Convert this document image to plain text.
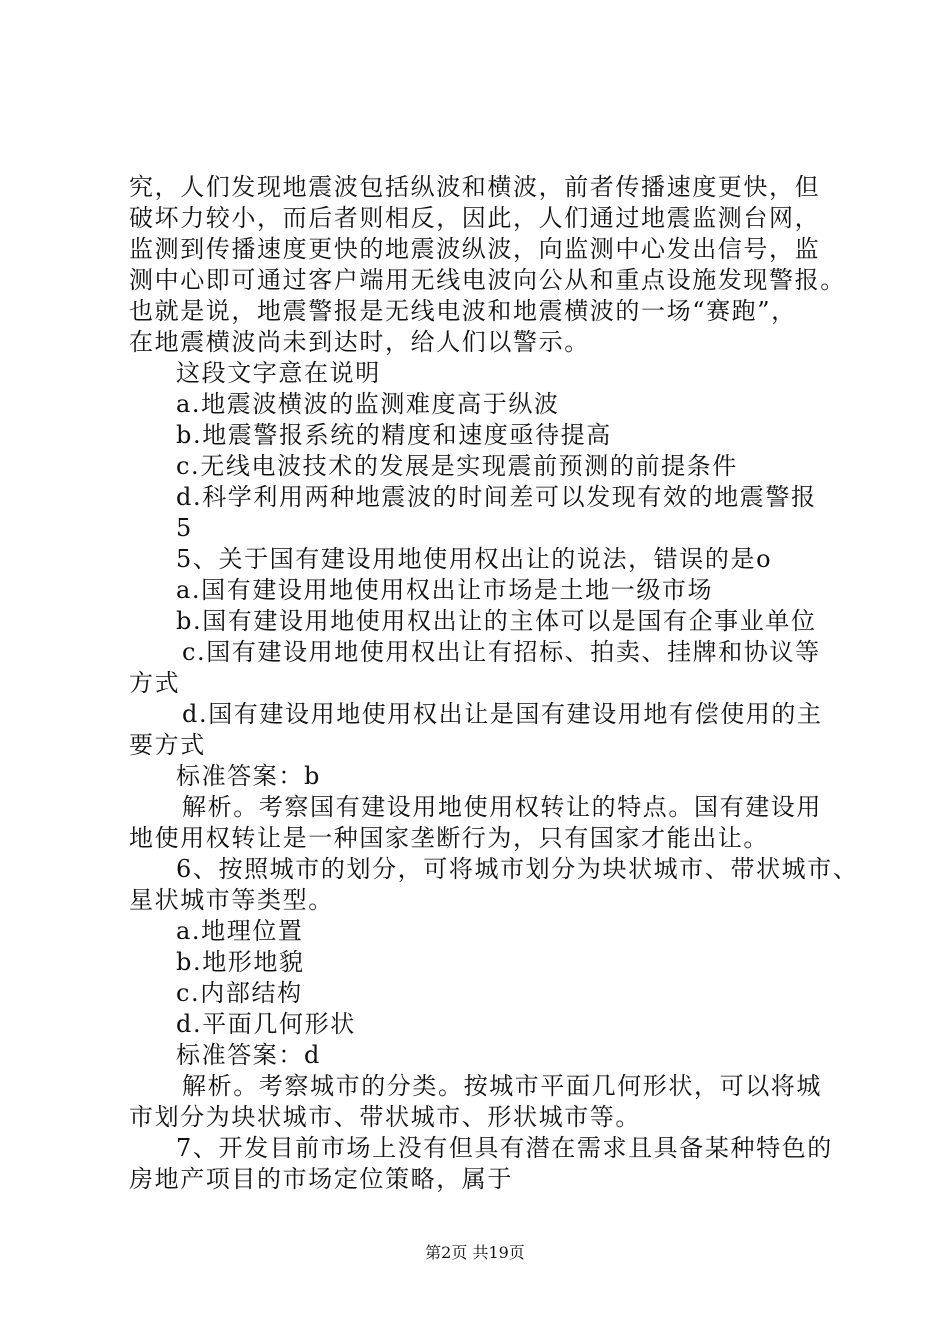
究，人们发现地震波包括纵波和横波，前者传播速度更快，但
破坏力较小，而后者则相反，因此，人们通过地震监测台网，
监测到传播速度更快的地震波纵波，向监测中心发出信号，监
测中心即可通过客户端用无线电波向公从和重点设施发现警报。
也就是说，地震警报是无线电波和地震横波的一场“赛跑”，
在地震横波尚未到达时，给人们以警示。
这段文字意在说明
a.地震波横波的监测难度高于纵波
b.地震警报系统的精度和速度亟待提高
c.无线电波技术的发展是实现震前预测的前提条件
d.科学利用两种地震波的时间差可以发现有效的地震警报
5
5、关于国有建设用地使用权出让的说法，错误的是o
a.国有建设用地使用权出让市场是土地一级市场
b.国有建设用地使用权出让的主体可以是国有企事业单位
c.国有建设用地使用权出让有招标、拍卖、挂牌和协议等
方式
d.国有建设用地使用权出让是国有建设用地有偿使用的主
要方式
标准答案：b
解析。考察国有建设用地使用权转让的特点。国有建设用
地使用权转让是一种国家垄断行为，只有国家才能出让。
6、按照城市的划分，可将城市划分为块状城市、带状城市、
星状城市等类型。
a.地理位置
b.地形地貌
c.内部结构
d.平面几何形状
标准答案：d
解析。考察城市的分类。按城市平面几何形状，可以将城
市划分为块状城市、带状城市、形状城市等。
7、开发目前市场上没有但具有潜在需求且具备某种特色的
房地产项目的市场定位策略，属于
第2页 共19页
